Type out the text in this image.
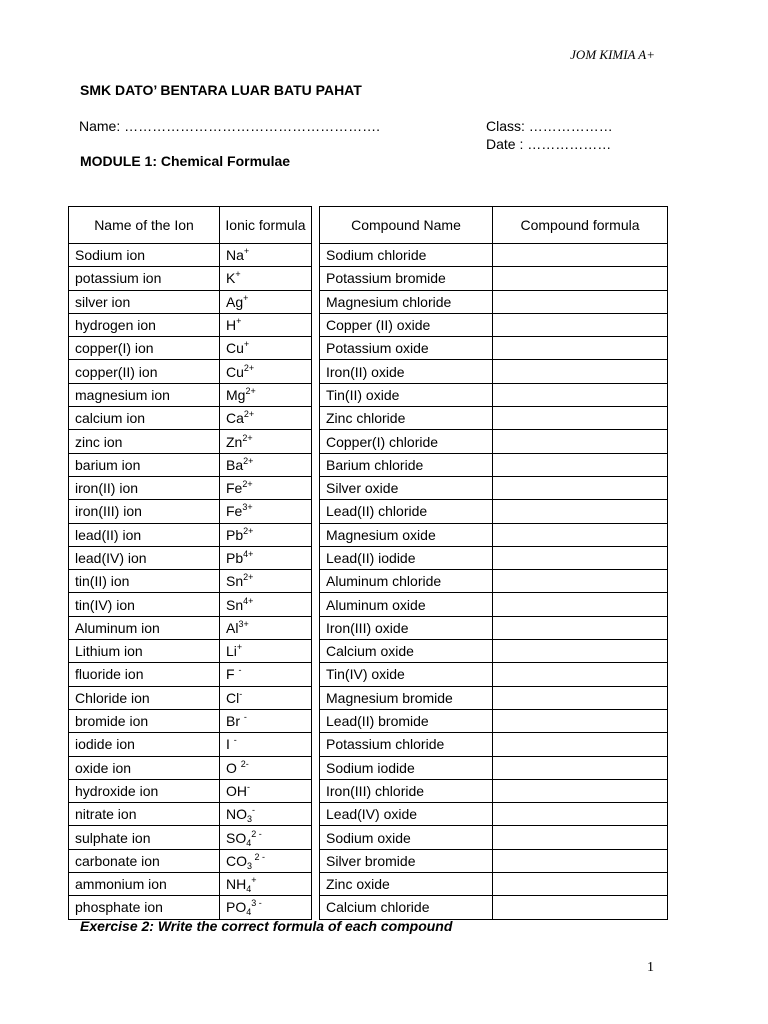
JOM KIMIA A+
SMK DATO’ BENTARA LUAR BATU PAHAT
Name: ……………………………………………….	Class: ………………
Date : ………………
MODULE 1: Chemical Formulae
Name of the Ion	Ionic formula
Sodium ion	Na+
potassium ion	K+
silver ion	Ag+
hydrogen ion	H+
copper(I) ion	Cu+
copper(II) ion	$Cu^{2+}$
magnesium ion	$Mg^{2+}$
calcium ion	$Ca^{2+}$
zinc ion	$Zn^{2+}$
barium ion	$Ba^{2+}$
iron(II) ion	$Fe^{2+}$
iron(III) ion	$Fe^{3+}$
lead(II) ion	$Pb^{2+}$
lead(IV) ion	$Pb^{4+}$
tin(II) ion	$Sn^{2+}$
tin(IV) ion	$Sn^{4+}$
Aluminum ion	$Al^{3+}$
Lithium ion	Li+
fluoride ion	F -
Chloride ion	Cl-
bromide ion	Br -
iodide ion	I -
oxide ion	O $^{2-}$
hydroxide ion	OH-
nitrate ion	$NO_3^-$
sulphate ion	$SO_4^{2 -}$
carbonate ion	$CO_3$ $^{2 -}$
ammonium ion	$NH_4^+$
phosphate ion	$PO_4^{3 -}$
Compound Name	Compound formula
Sodium chloride	
Potassium bromide	
Magnesium chloride	
Copper (II) oxide	
Potassium oxide	
Iron(II) oxide	
Tin(II) oxide	
Zinc chloride	
Copper(I) chloride	
Barium chloride	
Silver oxide	
Lead(II) chloride	
Magnesium oxide	
Lead(II) iodide	
Aluminum chloride	
Aluminum oxide	
Iron(III) oxide	
Calcium oxide	
Tin(IV) oxide	
Magnesium bromide	
Lead(II) bromide	
Potassium chloride	
Sodium iodide	
Iron(III) chloride	
Lead(IV) oxide	
Sodium oxide	
Silver bromide	
Zinc oxide	
Calcium chloride	
Exercise 2: Write the correct formula of each compound
1
